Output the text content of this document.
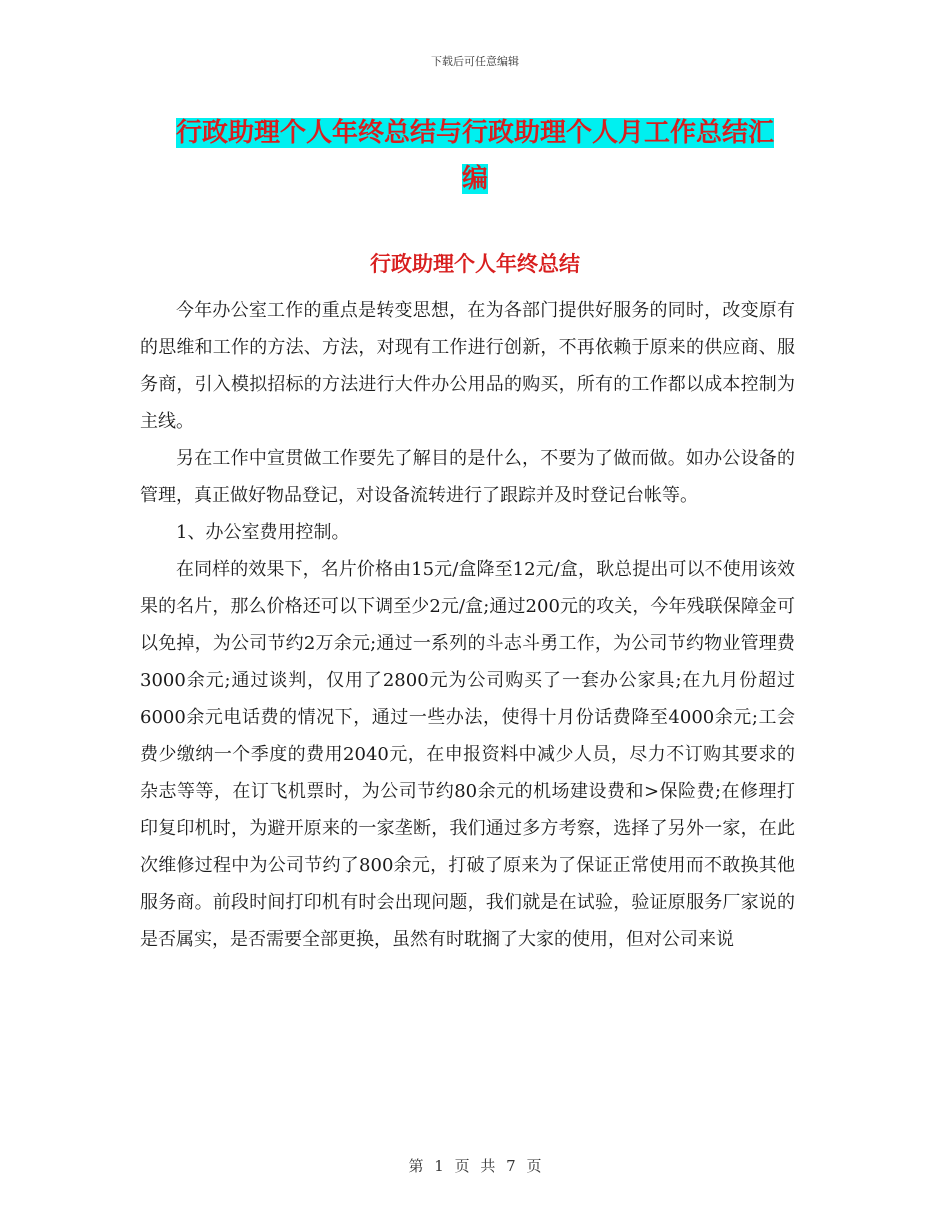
下载后可任意编辑
行政助理个人年终总结与行政助理个人月工作总结汇
编
行政助理个人年终总结

今年办公室工作的重点是转变思想，在为各部门提供好服务的同时，改变原有的思维和工作的方法、方法，对现有工作进行创新，不再依赖于原来的供应商、服务商，引入模拟招标的方法进行大件办公用品的购买，所有的工作都以成本控制为主线。

另在工作中宣贯做工作要先了解目的是什么，不要为了做而做。如办公设备的管理，真正做好物品登记，对设备流转进行了跟踪并及时登记台帐等。

1、办公室费用控制。

在同样的效果下，名片价格由15元/盒降至12元/盒，耿总提出可以不使用该效果的名片，那么价格还可以下调至少2元/盒;通过200元的攻关，今年残联保障金可以免掉，为公司节约2万余元;通过一系列的斗志斗勇工作，为公司节约物业管理费3000余元;通过谈判，仅用了2800元为公司购买了一套办公家具;在九月份超过6000余元电话费的情况下，通过一些办法，使得十月份话费降至4000余元;工会费少缴纳一个季度的费用2040元，在申报资料中减少人员，尽力不订购其要求的杂志等等，在订飞机票时，为公司节约80余元的机场建设费和>保险费;在修理打印复印机时，为避开原来的一家垄断，我们通过多方考察，选择了另外一家，在此次维修过程中为公司节约了800余元，打破了原来为了保证正常使用而不敢换其他服务商。前段时间打印机有时会出现问题，我们就是在试验，验证原服务厂家说的是否属实，是否需要全部更换，虽然有时耽搁了大家的使用，但对公司来说

第 1 页 共 7 页
